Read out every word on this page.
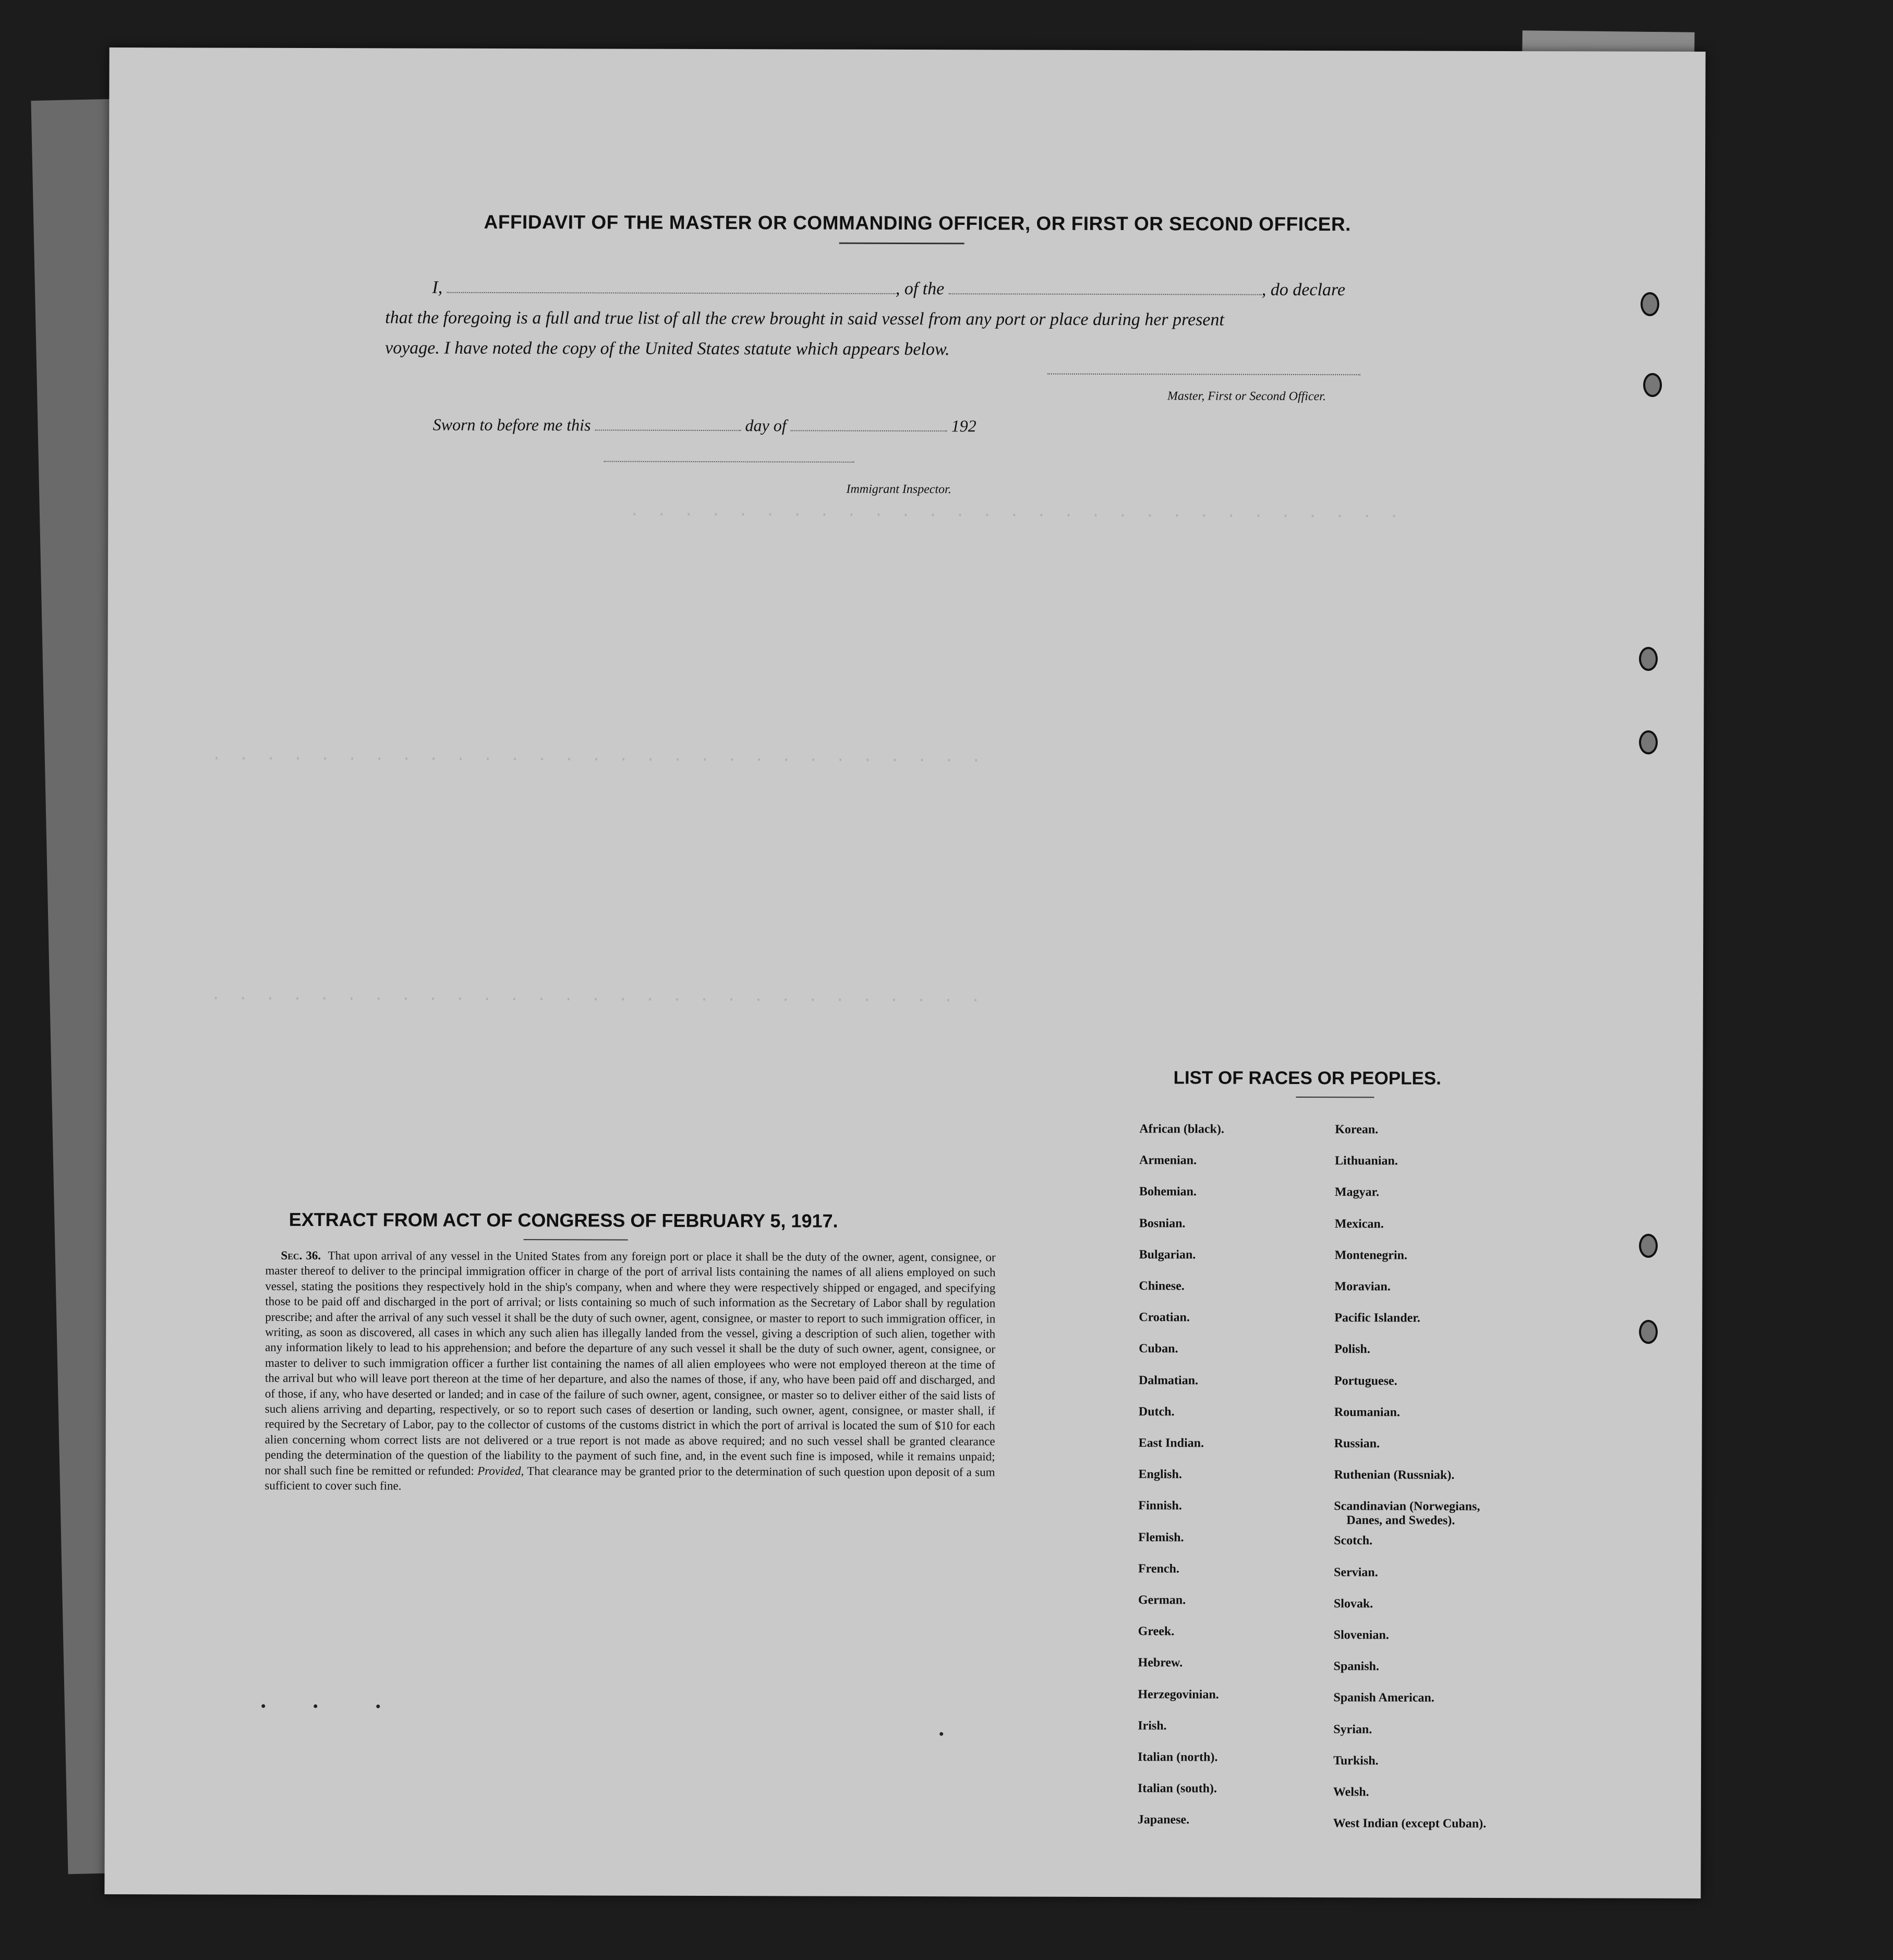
. . . . . . . . . . . . . . . . . . . . . . . . . . . . .
. . . . . . . . . . . . . . . . . . . . . . . . . . . . .
. . . . . . . . . . . . . . . . . . . . . . . . . . . . .
AFFIDAVIT OF THE MASTER OR COMMANDING OFFICER, OR FIRST OR SECOND OFFICER.
I,	, of the	, do declare
that the foregoing is a full and true list of all the crew brought in said vessel from any port or place during her present
voyage. I have noted the copy of the United States statute which appears below.
Master, First or Second Officer.
Sworn to before me this	day of	192
Immigrant Inspector.
EXTRACT FROM ACT OF CONGRESS OF FEBRUARY 5, 1917.
Sec. 36. That upon arrival of any vessel in the United States from any foreign port or place it shall be the duty of the owner, agent, consignee, or master thereof to deliver to the principal immigration officer in charge of the port of arrival lists containing the names of all aliens employed on such vessel, stating the positions they respectively hold in the ship's company, when and where they were respectively shipped or engaged, and specifying those to be paid off and discharged in the port of arrival; or lists containing so much of such information as the Secretary of Labor shall by regulation prescribe; and after the arrival of any such vessel it shall be the duty of such owner, agent, consignee, or master to report to such immigration officer, in writing, as soon as discovered, all cases in which any such alien has illegally landed from the vessel, giving a description of such alien, together with any information likely to lead to his apprehension; and before the departure of any such vessel it shall be the duty of such owner, agent, consignee, or master to deliver to such immigration officer a further list containing the names of all alien employees who were not employed thereon at the time of the arrival but who will leave port thereon at the time of her departure, and also the names of those, if any, who have been paid off and discharged, and of those, if any, who have deserted or landed; and in case of the failure of such owner, agent, consignee, or master so to deliver either of the said lists of such aliens arriving and departing, respectively, or so to report such cases of desertion or landing, such owner, agent, consignee, or master shall, if required by the Secretary of Labor, pay to the collector of customs of the customs district in which the port of arrival is located the sum of $10 for each alien concerning whom correct lists are not delivered or a true report is not made as above required; and no such vessel shall be granted clearance pending the determination of the question of the liability to the payment of such fine, and, in the event such fine is imposed, while it remains unpaid; nor shall such fine be remitted or refunded: Provided, That clearance may be granted prior to the determination of such question upon deposit of a sum sufficient to cover such fine.
LIST OF RACES OR PEOPLES.
African (black).
Armenian.
Bohemian.
Bosnian.
Bulgarian.
Chinese.
Croatian.
Cuban.
Dalmatian.
Dutch.
East Indian.
English.
Finnish.
Flemish.
French.
German.
Greek.
Hebrew.
Herzegovinian.
Irish.
Italian (north).
Italian (south).
Japanese.
Korean.
Lithuanian.
Magyar.
Mexican.
Montenegrin.
Moravian.
Pacific Islander.
Polish.
Portuguese.
Roumanian.
Russian.
Ruthenian (Russniak).
Scandinavian (Norwegians,
Danes, and Swedes).
Scotch.
Servian.
Slovak.
Slovenian.
Spanish.
Spanish American.
Syrian.
Turkish.
Welsh.
West Indian (except Cuban).
